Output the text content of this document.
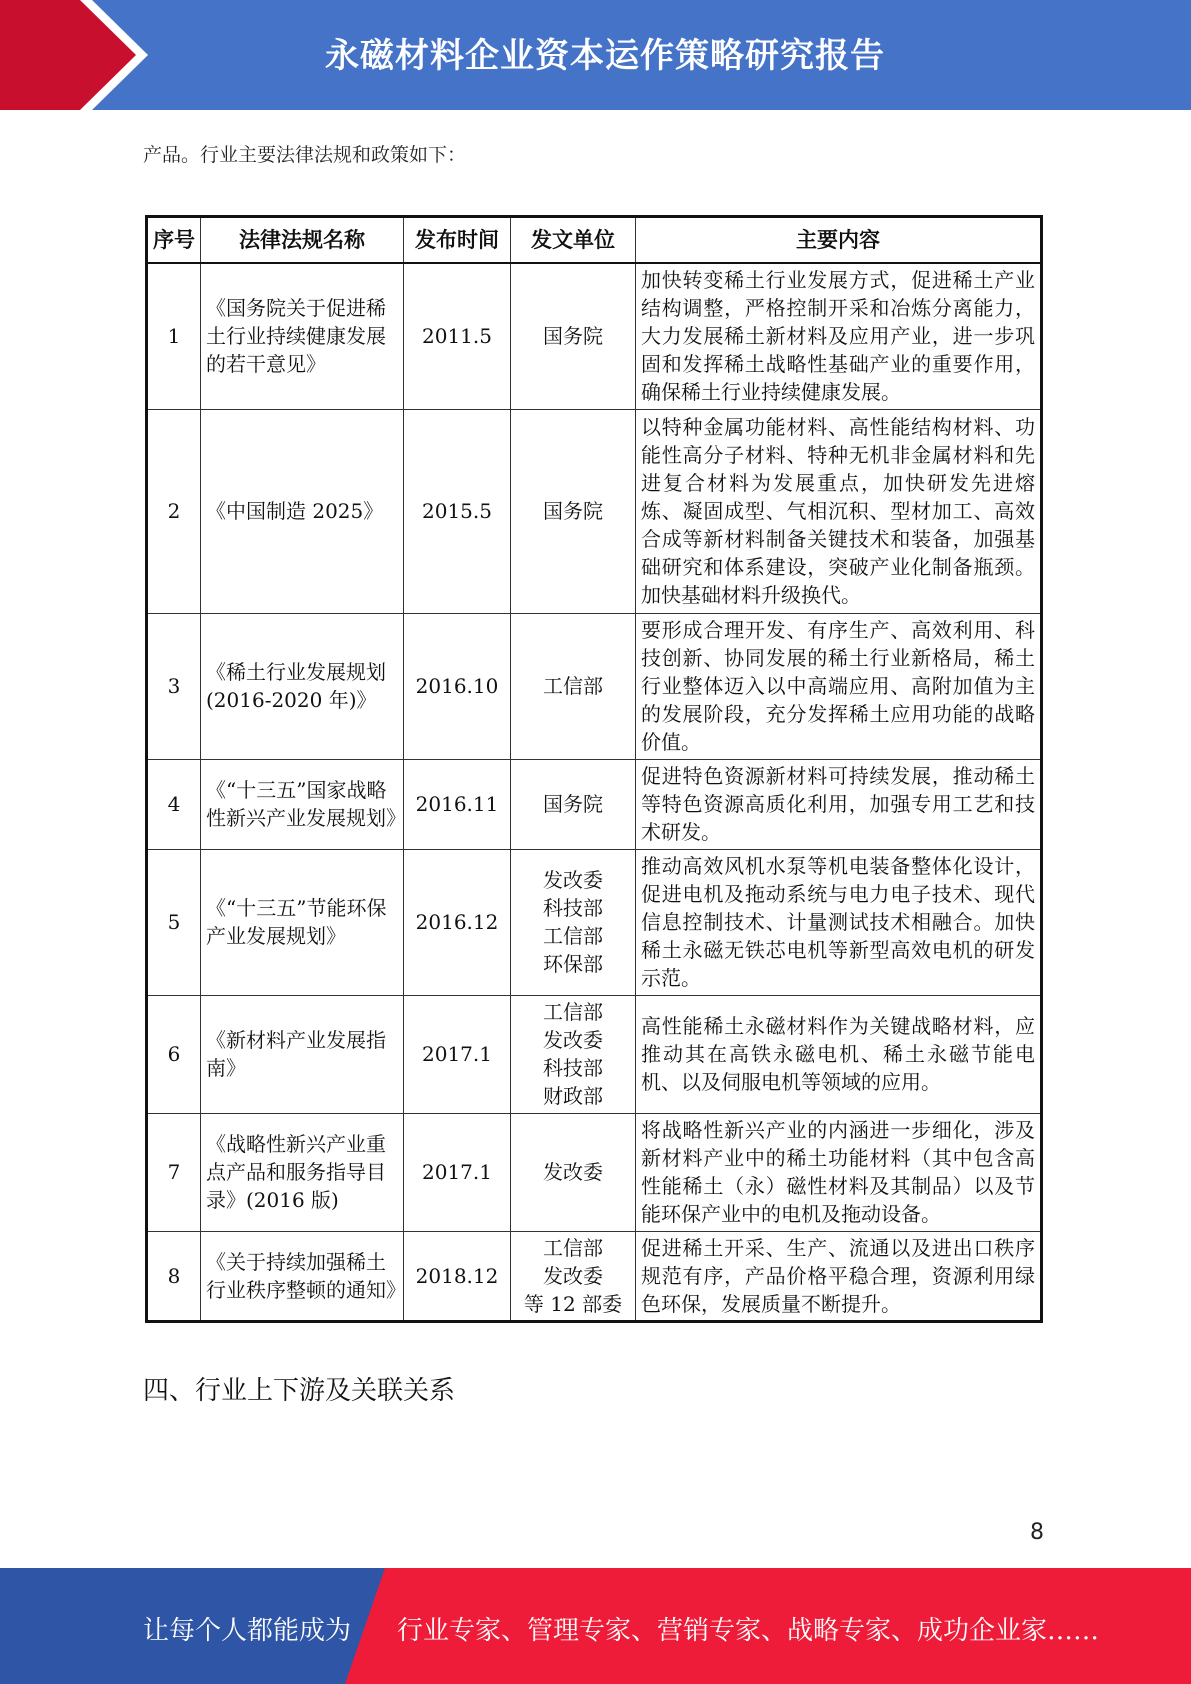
永磁材料企业资本运作策略研究报告
产品。行业主要法律法规和政策如下：
序号	法律法规名称	发布时间	发文单位	主要内容
1	《国务院关于促进稀土行业持续健康发展的若干意见》	2011.5	国务院	加快转变稀土行业发展方式，促进稀土产业结构调整，严格控制开采和冶炼分离能力，大力发展稀土新材料及应用产业，进一步巩固和发挥稀土战略性基础产业的重要作用，确保稀土行业持续健康发展。
2	《中国制造 2025》	2015.5	国务院	以特种金属功能材料、高性能结构材料、功能性高分子材料、特种无机非金属材料和先进复合材料为发展重点，加快研发先进熔炼、凝固成型、气相沉积、型材加工、高效合成等新材料制备关键技术和装备，加强基础研究和体系建设，突破产业化制备瓶颈。加快基础材料升级换代。
3	《稀土行业发展规划(2016-2020 年)》	2016.10	工信部	要形成合理开发、有序生产、高效利用、科技创新、协同发展的稀土行业新格局，稀土行业整体迈入以中高端应用、高附加值为主的发展阶段，充分发挥稀土应用功能的战略价值。
4	《“十三五”国家战略性新兴产业发展规划》	2016.11	国务院	促进特色资源新材料可持续发展，推动稀土等特色资源高质化利用，加强专用工艺和技术研发。
5	《“十三五”节能环保产业发展规划》	2016.12	发改委
科技部
工信部
环保部	推动高效风机水泵等机电装备整体化设计，促进电机及拖动系统与电力电子技术、现代信息控制技术、计量测试技术相融合。加快稀土永磁无铁芯电机等新型高效电机的研发示范。
6	《新材料产业发展指南》	2017.1	工信部
发改委
科技部
财政部	高性能稀土永磁材料作为关键战略材料，应推动其在高铁永磁电机、稀土永磁节能电机、以及伺服电机等领域的应用。
7	《战略性新兴产业重点产品和服务指导目录》(2016 版)	2017.1	发改委	将战略性新兴产业的内涵进一步细化，涉及新材料产业中的稀土功能材料（其中包含高性能稀土（永）磁性材料及其制品）以及节能环保产业中的电机及拖动设备。
8	《关于持续加强稀土行业秩序整顿的通知》	2018.12	工信部
发改委
等 12 部委	促进稀土开采、生产、流通以及进出口秩序规范有序，产品价格平稳合理，资源利用绿色环保，发展质量不断提升。
四、行业上下游及关联关系
8
让每个人都能成为 行业专家、管理专家、营销专家、战略专家、成功企业家……
